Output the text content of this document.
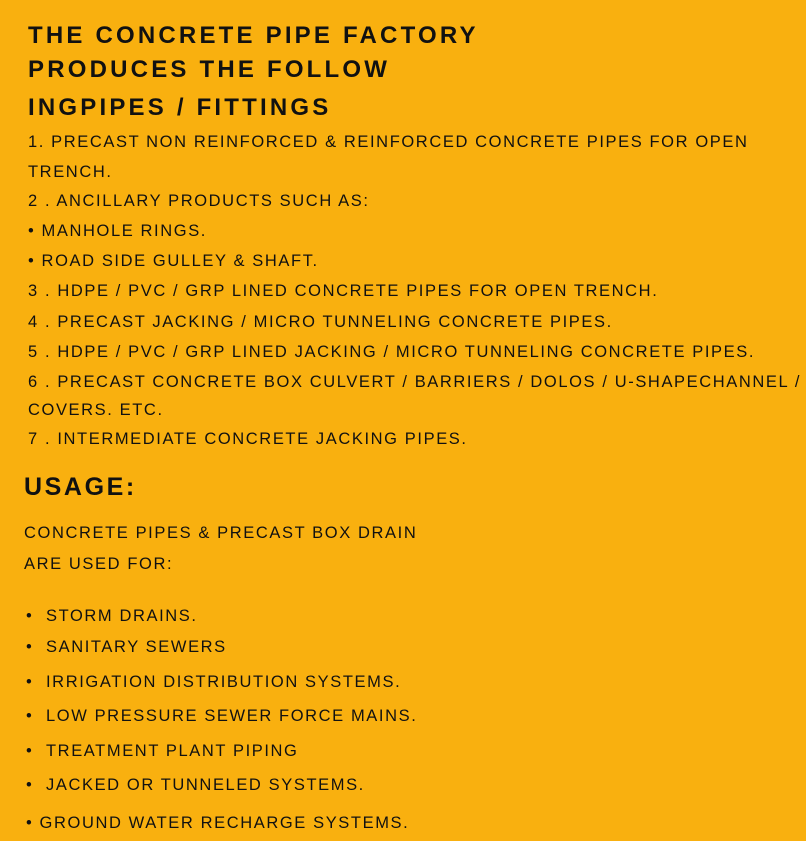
THE CONCRETE PIPE FACTORY
PRODUCES THE FOLLOW
INGPIPES / FITTINGS
1. PRECAST NON REINFORCED & REINFORCED CONCRETE PIPES FOR OPEN
TRENCH.
2 . ANCILLARY PRODUCTS SUCH AS:
• MANHOLE RINGS.
• ROAD SIDE GULLEY & SHAFT.
3 . HDPE / PVC / GRP LINED CONCRETE PIPES FOR OPEN TRENCH.
4 . PRECAST JACKING / MICRO TUNNELING CONCRETE PIPES.
5 . HDPE / PVC / GRP LINED JACKING / MICRO TUNNELING CONCRETE PIPES.
6 . PRECAST CONCRETE BOX CULVERT / BARRIERS / DOLOS / U-SHAPECHANNEL /
COVERS. ETC.
7 . INTERMEDIATE CONCRETE JACKING PIPES.
USAGE:
CONCRETE PIPES & PRECAST BOX DRAIN
ARE USED FOR:
• STORM DRAINS.
• SANITARY SEWERS
• IRRIGATION DISTRIBUTION SYSTEMS.
• LOW PRESSURE SEWER FORCE MAINS.
• TREATMENT PLANT PIPING
• JACKED OR TUNNELED SYSTEMS.
• GROUND WATER RECHARGE SYSTEMS.
